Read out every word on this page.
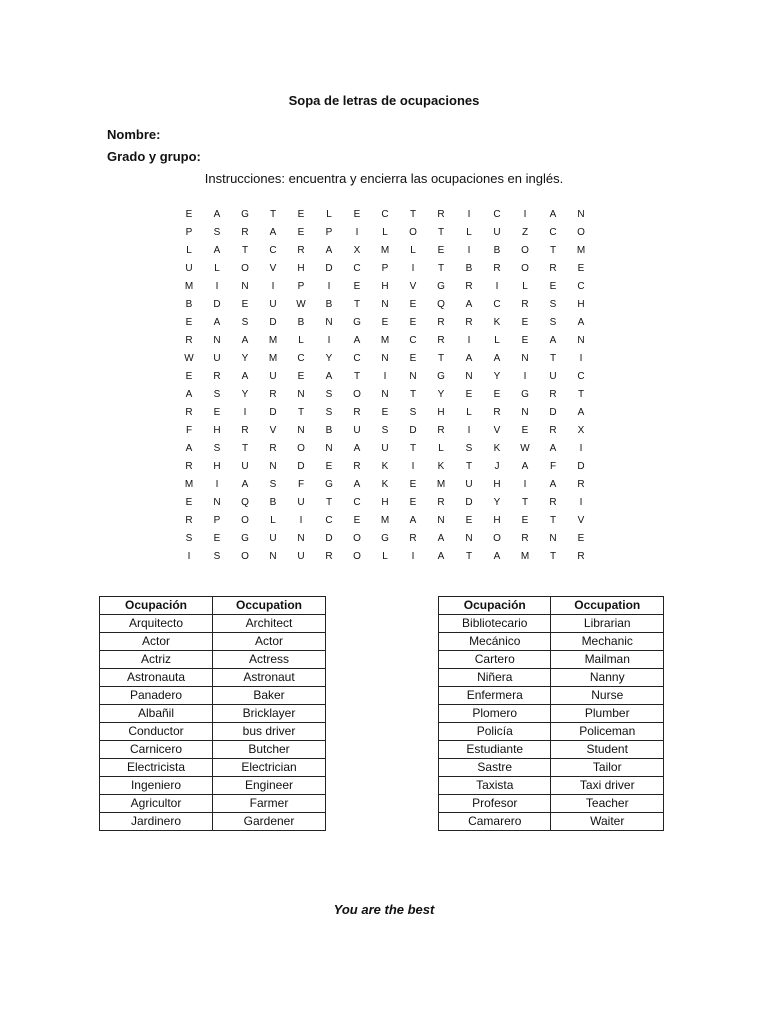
Sopa de letras de ocupaciones
Nombre:
Grado y grupo:
Instrucciones: encuentra y encierra las ocupaciones en inglés.
E	A	G	T	E	L	E	C	T	R	I	C	I	A	N
P	S	R	A	E	P	I	L	O	T	L	U	Z	C	O
L	A	T	C	R	A	X	M	L	E	I	B	O	T	M
U	L	O	V	H	D	C	P	I	T	B	R	O	R	E
M	I	N	I	P	I	E	H	V	G	R	I	L	E	C
B	D	E	U	W	B	T	N	E	Q	A	C	R	S	H
E	A	S	D	B	N	G	E	E	R	R	K	E	S	A
R	N	A	M	L	I	A	M	C	R	I	L	E	A	N
W	U	Y	M	C	Y	C	N	E	T	A	A	N	T	I
E	R	A	U	E	A	T	I	N	G	N	Y	I	U	C
A	S	Y	R	N	S	O	N	T	Y	E	E	G	R	T
R	E	I	D	T	S	R	E	S	H	L	R	N	D	A
F	H	R	V	N	B	U	S	D	R	I	V	E	R	X
A	S	T	R	O	N	A	U	T	L	S	K	W	A	I
R	H	U	N	D	E	R	K	I	K	T	J	A	F	D
M	I	A	S	F	G	A	K	E	M	U	H	I	A	R
E	N	Q	B	U	T	C	H	E	R	D	Y	T	R	I
R	P	O	L	I	C	E	M	A	N	E	H	E	T	V
S	E	G	U	N	D	O	G	R	A	N	O	R	N	E
I	S	O	N	U	R	O	L	I	A	T	A	M	T	R
Ocupación	Occupation
Arquitecto	Architect
Actor	Actor
Actriz	Actress
Astronauta	Astronaut
Panadero	Baker
Albañil	Bricklayer
Conductor	bus driver
Carnicero	Butcher
Electricista	Electrician
Ingeniero	Engineer
Agricultor	Farmer
Jardinero	Gardener
Ocupación	Occupation
Bibliotecario	Librarian
Mecánico	Mechanic
Cartero	Mailman
Niñera	Nanny
Enfermera	Nurse
Plomero	Plumber
Policía	Policeman
Estudiante	Student
Sastre	Tailor
Taxista	Taxi driver
Profesor	Teacher
Camarero	Waiter
You are the best
